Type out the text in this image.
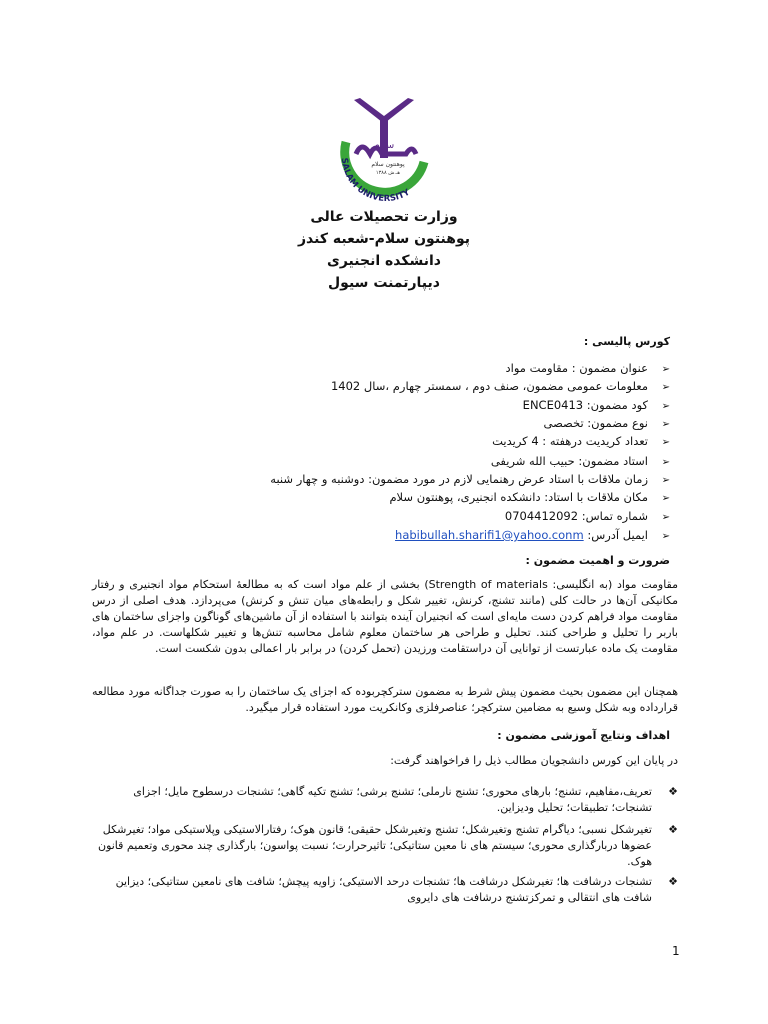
سلام
پوهنتون سلام
۱۳۸۸ هـ.ش
SALAM UNIVERSITY
وزارت تحصیلات عالی
پوهنتون سلام-شعبه کندز
دانشکده انجنیری
دیپارتمنت سیول
کورس پالیسی :
➢عنوان مضمون : مقاومت مواد
➢معلومات عمومی مضمون، صنف دوم ، سمستر چهارم ،سال 1402
➢کود مضمون: ENCE0413
➢نوع مضمون: تخصصی
➢تعداد کریدیت درهفته : 4 کریدیت
➢استاد مضمون: حبیب الله شریفی
➢زمان ملاقات با استاد عرض رهنمایی لازم در مورد مضمون: دوشنبه و چهار شنبه
➢مکان ملاقات با استاد: دانشکده انجنیری، پوهنتون سلام
➢شماره تماس: 0704412092
➢ایمیل آدرس: habibullah.sharifi1@yahoo.conm
ضرورت و اهمیت مضمون :
مقاومت مواد (به انگلیسی: Strength of materials) بخشی از علم مواد است که به مطالعهٔ استحکام مواد انجنیری و رفتار مکانیکی آن‌ها در حالت کلی (مانند تشنج، کرنش، تغییر شکل و رابطه‌های میان تنش و کرنش) می‌پردازد. هدف اصلی از درس مقاومت مواد فراهم کردن دست مایه‌ای است که انجنیران آینده بتوانند با استفاده از آن ماشین‌های گوناگون واجزای ساختمان های باربر را تحلیل و طراحی کنند. تحلیل و طراحی هر ساختمان معلوم شامل محاسبه تنش‌ها و تغییر شکلهاست. در علم مواد، مقاومت یک ماده عبارتست از توانایی آن دراستقامت ورزیدن (تحمل کردن) در برابر بار اعمالی بدون شکست است.
همچنان این مضمون بحیث مضمون پیش شرط به مضمون سترکچربوده که اجزای یک ساختمان را به صورت جداگانه مورد مطالعه قرارداده وبه شکل وسیع به مضامین سترکچر؛ عناصرفلزی وکانکریت مورد استفاده قرار میگیرد.
اهداف ونتایج آموزشی مضمون :
در پایان این کورس دانشجویان مطالب ذیل را فراخواهند گرفت:
❖
تعریف،مفاهیم، تشنج؛ بارهای محوری؛ تشنج نارملی؛ تشنج برشی؛ تشنج تکیه گاهی؛ تشنجات درسطوح مایل؛ اجزای تشنجات؛ تطبیقات؛ تحلیل ودیزاین.
❖
تغیرشکل نسبی؛ دیاگرام تشنج وتغیرشکل؛ تشنج وتغیرشکل حقیقی؛ قانون هوک؛ رفتارالاستیکی وپلاستیکی مواد؛ تغیرشکل عضوها دربارگذاری محوری؛ سیستم های نا معین ستاتیکی؛ تاثیرحرارت؛ نسبت پواسون؛ بارگذاری چند محوری وتعمیم قانون هوک.
❖
تشنجات درشافت ها؛ تغیرشکل درشافت ها؛ تشنجات درحد الاستیکی؛ زاویه پیچش؛ شافت های نامعین ستاتیکی؛ دیزاین شافت های انتقالی و تمرکزتشنج درشافت های دایروی
1
